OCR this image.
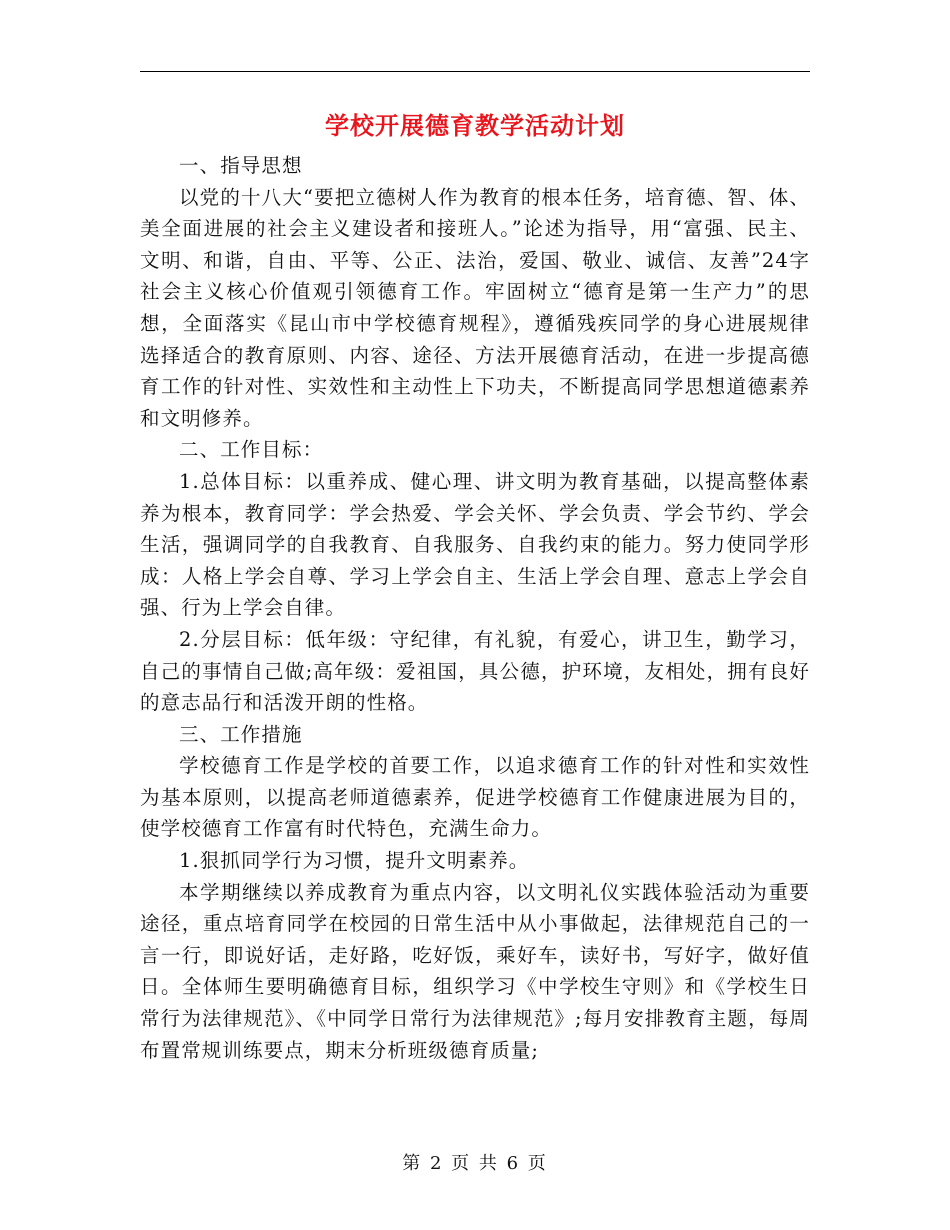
学校开展德育教学活动计划

一、指导思想

以党的十八大“要把立德树人作为教育的根本任务，培育德、智、体、美全面进展的社会主义建设者和接班人。”论述为指导，用“富强、民主、文明、和谐，自由、平等、公正、法治，爱国、敬业、诚信、友善”24字社会主义核心价值观引领德育工作。牢固树立“德育是第一生产力”的思想，全面落实《昆山市中学校德育规程》，遵循残疾同学的身心进展规律选择适合的教育原则、内容、途径、方法开展德育活动，在进一步提高德育工作的针对性、实效性和主动性上下功夫，不断提高同学思想道德素养和文明修养。

二、工作目标：

1.总体目标：以重养成、健心理、讲文明为教育基础，以提高整体素养为根本，教育同学：学会热爱、学会关怀、学会负责、学会节约、学会生活，强调同学的自我教育、自我服务、自我约束的能力。努力使同学形成：人格上学会自尊、学习上学会自主、生活上学会自理、意志上学会自强、行为上学会自律。

2.分层目标：低年级：守纪律，有礼貌，有爱心，讲卫生，勤学习，自己的事情自己做;高年级：爱祖国，具公德，护环境，友相处，拥有良好的意志品行和活泼开朗的性格。

三、工作措施

学校德育工作是学校的首要工作，以追求德育工作的针对性和实效性为基本原则，以提高老师道德素养，促进学校德育工作健康进展为目的，使学校德育工作富有时代特色，充满生命力。

1.狠抓同学行为习惯，提升文明素养。

本学期继续以养成教育为重点内容，以文明礼仪实践体验活动为重要途径，重点培育同学在校园的日常生活中从小事做起，法律规范自己的一言一行，即说好话，走好路，吃好饭，乘好车，读好书，写好字，做好值日。全体师生要明确德育目标，组织学习《中学校生守则》和《学校生日常行为法律规范》、《中同学日常行为法律规范》;每月安排教育主题，每周布置常规训练要点，期末分析班级德育质量;

第 2 页 共 6 页
